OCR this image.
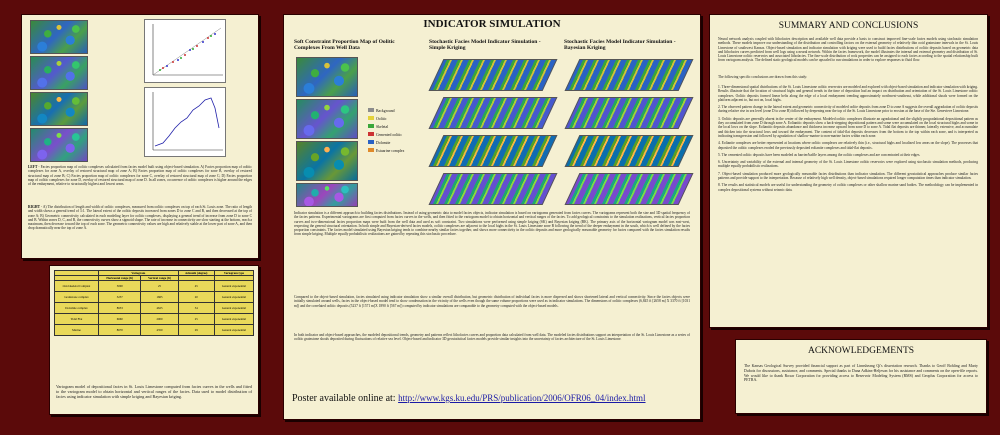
LEFT - Facies proportion map of oolitic complexes calculated from facies model built using object-based simulation. A) Facies proportion map of oolitic complexes for zone A, overlay of restored structural map of zone A; B) Facies proportion map of oolitic complexes for zone B, overlay of restored structural map of zone B; C) Facies proportion map of oolitic complexes for zone C, overlay of restored structural map of zone C; D) Facies proportion map of oolitic complexes for zone D, overlay of restored structural map of zone D. In all zones, occurrence of oolitic complexes is higher around the edges of the embayment, relative to structurally highest and lowest areas.
RIGHT - A) The distribution of length and width of oolitic complexes, measured from oolitic complexes on top of each St. Louis zone. The ratio of length and width shows a general trend of 3:1. The lateral extent of the oolitic deposits increased from zones D to zone C and B, and then decreased at the top of zone A; B) Geometric connectivity calculated in each modeling layer for oolitic complexes, displaying a general trend of increase from zone D to zone C and B. Within zones D, C, and B, the connectivity curves show a sigmoid shape. The rate of increase in connectivity are slow starting at the bottom, reach a maximum, then decrease toward the top of each zone. The geometric connectivity values are high and relatively stable at the lower part of zone A, and then drop dramatically near the top of zone A.
	Variogram		Azimuth (degree)	Variogram type
	Horizontal range (ft)	Vertical range (ft)		
Ooid skeletal Complex	5000	25	45	General exponential
Grainstone complex	3237	1665	20	General exponential
Dolomite complex	8633	4625	34	General exponential
Tidal Flat	6660	2000	25	General exponential
Marine	8670	4350	29	General exponential
Variogram model of depositional facies in St. Louis Limestone computed from facies curves in the wells and fitted to the variogram model to obtain horizontal and vertical ranges of the facies. Data used to model distribution of facies using indicator simulation with simple kriging and Bayesian kriging.
INDICATOR SIMULATION
Soft Constraint Proportion Map of Oolitic Complexes From Well Data
Stochastic Facies Model Indicator Simulation - Simple Kriging
Stochastic Facies Model Indicator Simulation - Bayesian Kriging
Background
Oolitic
Skeletal
Cemented oolitic
Dolomite
Estuarine complex
Indicator simulation is a different approach to building facies distributions. Instead of using geometric data to model facies objects, indicator simulation is based on variograms generated from facies curves. The variograms represent both the size and 3D spatial frequency of the facies patterns. Experimental variograms are first computed from facies curves in the wells, and then fitted to the variogram model to obtain horizontal and vertical ranges of the facies. To add geological constraints to the simulation realizations, vertical facies proportion curves and two-dimensional facies proportion maps were built from the well data and used as soft constraint. Two simulations were performed using simple kriging (SK) and Bayesian kriging (BK). The primary axis of the horizontal variogram model was east-west, respecting the general structural orientation. In both simple and Bayesian-derived facies models, oolitic complexes are adjacent to the local highs in the St. Louis Limestone zone B following the trend of the deeper embayment in the south, which is well defined by the facies proportion constraints. The facies model simulated using Bayesian kriging tends to combine nearby similar facies together, and shows more connectivity in the oolitic deposits and more geologically reasonable geometry for facies compared with the facies simulation results from simple kriging. Multiple equally probabilistic realizations are gained by repeating this stochastic procedure.
Compared to the object-based simulation, facies simulated using indicator simulation show a similar overall distribution, but geometric distribution of individual facies is more dispersed and shows shortened lateral and vertical connectivity. Since the facies objects were initially simulated around wells, facies in the object-based model tend to show condensation in the vicinity of the wells even though the same volume proportions were used as in indicator simulations. The dimensions of oolitic complexes (6,845 ft [2658 m] X 3370 ft [1031 m]) and the correlated oolitic deposits (5237 ft [1571 m]X 1890 ft [567 m]) computed by indicator simulations are comparable to the geometry computed with the object-based models.
In both indicator and object-based approaches, the modeled depositional trends, geometry and patterns reflect lithofacies curves and proportion data calculated from well data. The modeled facies distributions support an interpretation of the St. Louis Limestone as a series of oolitic grainstone shoals deposited during fluctuations of relative sea level. Object-based and indicator 3D geostatistical facies models provide similar insights into the uncertainty of facies architecture of the St. Louis Limestone.
Poster available online at: http://www.kgs.ku.edu/PRS/publication/2006/OFR06_04/index.html
SUMMARY AND CONCLUSIONS
Neural network analysis coupled with lithofacies description and available well data provide a basis to construct improved fine-scale facies models using stochastic simulation methods. These models improve our understanding of the distribution and controlling factors on the external geometry of relatively thin ooid grainstone intervals in the St. Louis Limestone of southwest Kansas. Object-based simulation and indicator simulation with kriging were used to build facies distributions of oolitic deposits based on geometric data and lithofacies curves predicted from well logs using a neural network. Within the facies framework, the model illustrates the internal and external geometry and distribution of St. Louis Limestone oolitic reservoirs and associated lithofacies. The fine-scale distribution of rock properties can be assigned to each facies according to the spatial relationship built from variogram analysis. The defined static geological models can be upscaled to run simulations in order to explore responses to fluid flow.
The following specific conclusions are drawn from this study:
1. Three-dimensional spatial distributions of the St. Louis Limestone oolitic reservoirs are modeled and explored with object-based simulation and indicator simulation with kriging. Results illustrate that the location of structural highs and general trends in the time of deposition had an impact on distribution and orientation of the St. Louis Limestone oolitic complexes. Oolitic deposits formed linear belts along the edge of a local embayment trending approximately northwest-southeast, while additional shoals were formed on the platform adjacent to, but not on, local highs.
2. The observed pattern change in the lateral extent and geometric connectivity of modeled oolite deposits from zone D to zone A suggests the overall aggradation of oolitic deposits during relative rise in sea level (zone D to zone B) followed by deepening near the top of the St. Louis Limestone prior to erosion at the base of the Ste. Genevieve Limestone.
3. Oolitic deposits are generally absent in the center of the embayment. Modeled oolitic complexes illustrate an agradational and the slightly progradational depositional pattern as they accumulated from zone D through zone A. Eolianitic deposits show a back-stepping depositional pattern and some were accumulated on the local structural highs and some in the local lows on the slope. Eolianitic deposits abundance and thickness increase upward from zone D to zone A. Tidal flat deposits are thinner, laterally extensive, and accumulate and thicken into the structural lows and toward the embayment. The content of tidal-flat deposits decreases from the bottom to the top within each zone, and is interpreted as indicating transgression and followed by agradation of shallow-marine to non-marine facies within each zone.
4. Eolianite complexes are better represented at locations where oolitic complexes are relatively thin (i.e., structural highs and localized low areas on the slope). The processes that deposited the oolitic complexes eroded the previously deposited eolianite complexes and tidal-flat deposits.
5. The cemented oolitic deposits have been modeled as barrier/baffle layers among the oolitic complexes and are concentrated at their edges.
6. Uncertainty and variability of the external and internal geometry of the St. Louis Limestone oolitic reservoirs were explored using stochastic simulation methods, producing multiple equally probabilistic realizations.
7. Object-based simulation produced more geologically reasonable facies distributions than indicator simulation. The different geostatistical approaches produce similar facies patterns and provide support to the interpretation. Because of relatively high well density, object-based simulations required longer computation times than indicator simulation.
8. The results and statistical models are useful for understanding the geometry of oolitic complexes or other shallow marine sand bodies. The methodology can be implemented in complex depositional systems without seismic data.
ACKNOWLEDGEMENTS
The Kansas Geological Survey provided financial support as part of Linnsheang Qi's dissertation research. Thanks to Geoff Bohling and Marty Dubois for discussions, assistance, and comments. Special thanks to Dana Adkins-Heljeson for his assistance and comments on the open-file reports. We would like to thank Roxar Corporation for providing access to Reservoir Modeling System (RMS) and Geoplus Corporation for access to PETRA.
